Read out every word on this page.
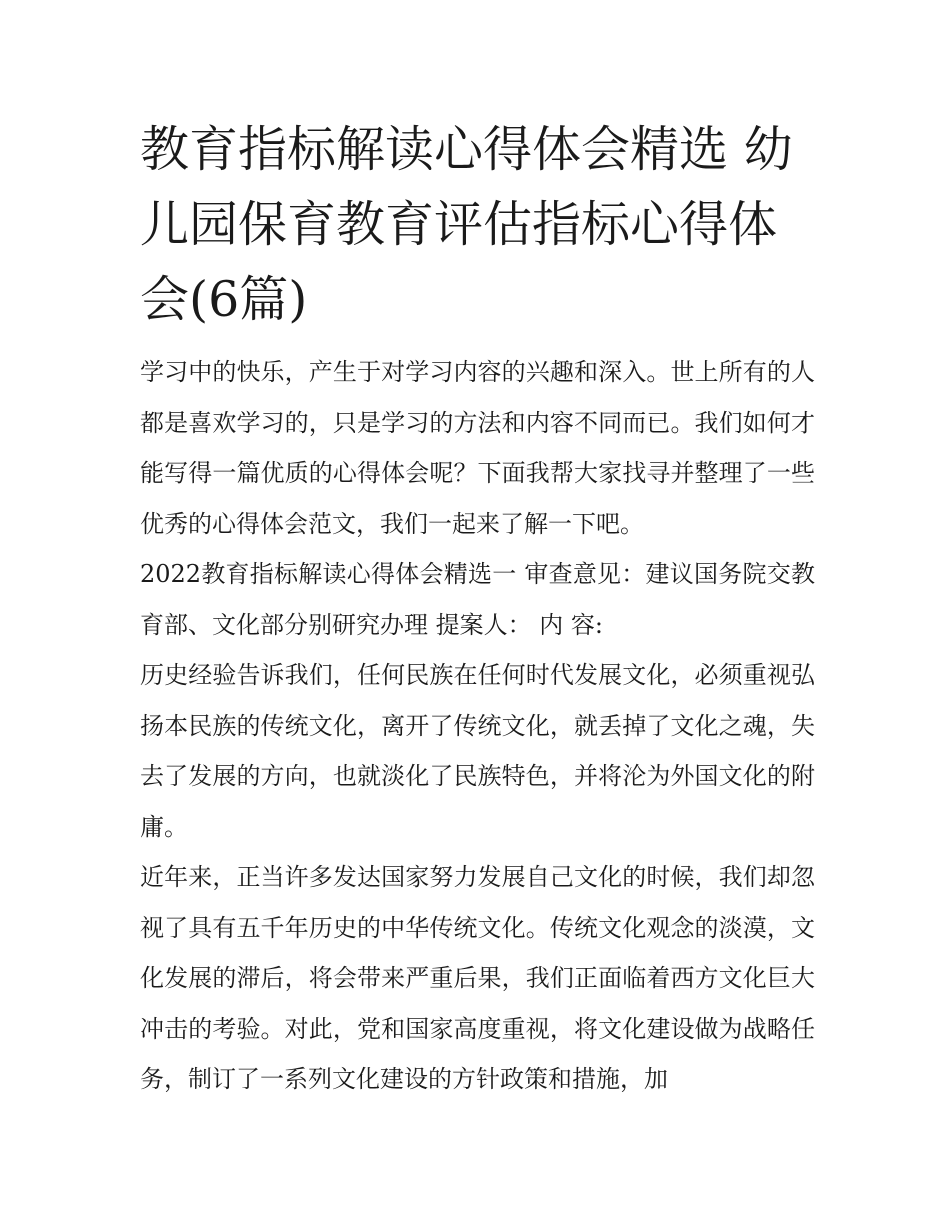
教育指标解读心得体会精选 幼儿园保育教育评估指标心得体会(6篇)

学习中的快乐，产生于对学习内容的兴趣和深入。世上所有的人都是喜欢学习的，只是学习的方法和内容不同而已。我们如何才能写得一篇优质的心得体会呢？下面我帮大家找寻并整理了一些优秀的心得体会范文，我们一起来了解一下吧。

2022教育指标解读心得体会精选一 审查意见：建议国务院交教育部、文化部分别研究办理 提案人： 内 容:

历史经验告诉我们，任何民族在任何时代发展文化，必须重视弘扬本民族的传统文化，离开了传统文化，就丢掉了文化之魂，失去了发展的方向，也就淡化了民族特色，并将沦为外国文化的附庸。

近年来，正当许多发达国家努力发展自己文化的时候，我们却忽视了具有五千年历史的中华传统文化。传统文化观念的淡漠，文化发展的滞后，将会带来严重后果，我们正面临着西方文化巨大冲击的考验。对此，党和国家高度重视，将文化建设做为战略任务，制订了一系列文化建设的方针政策和措施，加
